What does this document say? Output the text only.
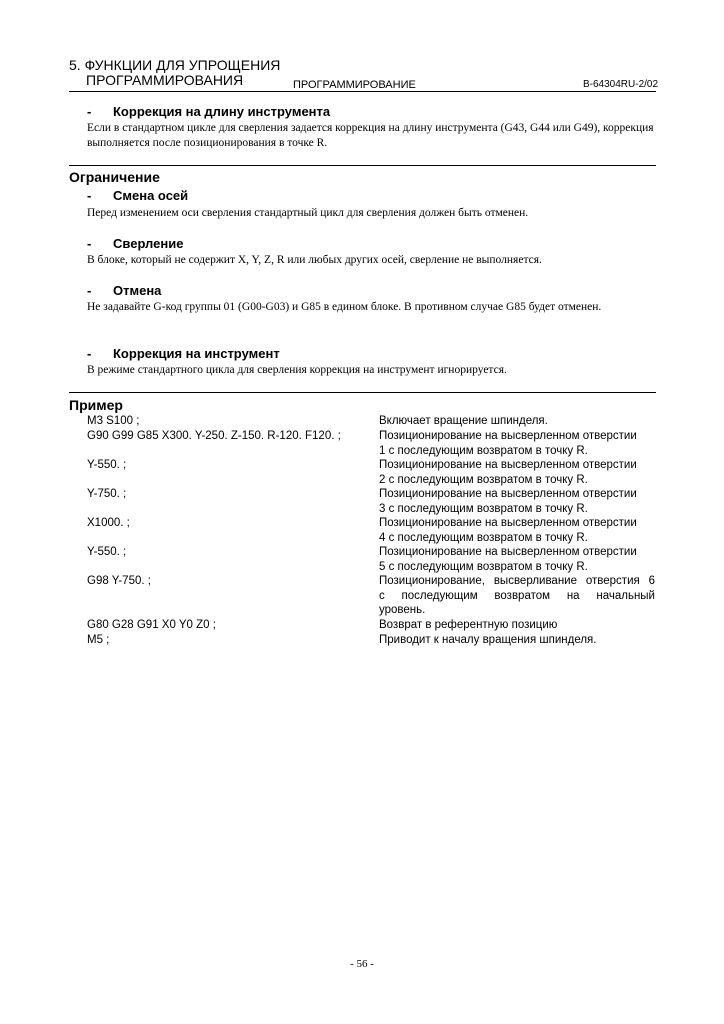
5. ФУНКЦИИ ДЛЯ УПРОЩЕНИЯ
ПРОГРАММИРОВАНИЯ	ПРОГРАММИРОВАНИЕ	B-64304RU-2/02
- Коррекция на длину инструмента
Если в стандартном цикле для сверления задается коррекция на длину инструмента (G43, G44 или G49), коррекция выполняется после позиционирования в точке R.
Ограничение
- Смена осей
Перед изменением оси сверления стандартный цикл для сверления должен быть отменен.
- Сверление
В блоке, который не содержит X, Y, Z, R или любых других осей, сверление не выполняется.
- Отмена
Не задавайте G-код группы 01 (G00-G03) и G85 в едином блоке. В противном случае G85 будет отменен.
- Коррекция на инструмент
В режиме стандартного цикла для сверления коррекция на инструмент игнорируется.
Пример
M3 S100 ;	Включает вращение шпинделя.
G90 G99 G85 X300. Y-250. Z-150. R-120. F120. ;	Позиционирование на высверленном отверстии
1 с последующим возвратом в точку R.
Y-550. ;	Позиционирование на высверленном отверстии
2 с последующим возвратом в точку R.
Y-750. ;	Позиционирование на высверленном отверстии
3 с последующим возвратом в точку R.
X1000. ;	Позиционирование на высверленном отверстии
4 с последующим возвратом в точку R.
Y-550. ;	Позиционирование на высверленном отверстии
5 с последующим возвратом в точку R.
G98 Y-750. ;	Позиционирование, высверливание отверстия 6
с последующим возвратом на начальный
уровень.
G80 G28 G91 X0 Y0 Z0 ;	Возврат в референтную позицию
M5 ;	Приводит к началу вращения шпинделя.
- 56 -
